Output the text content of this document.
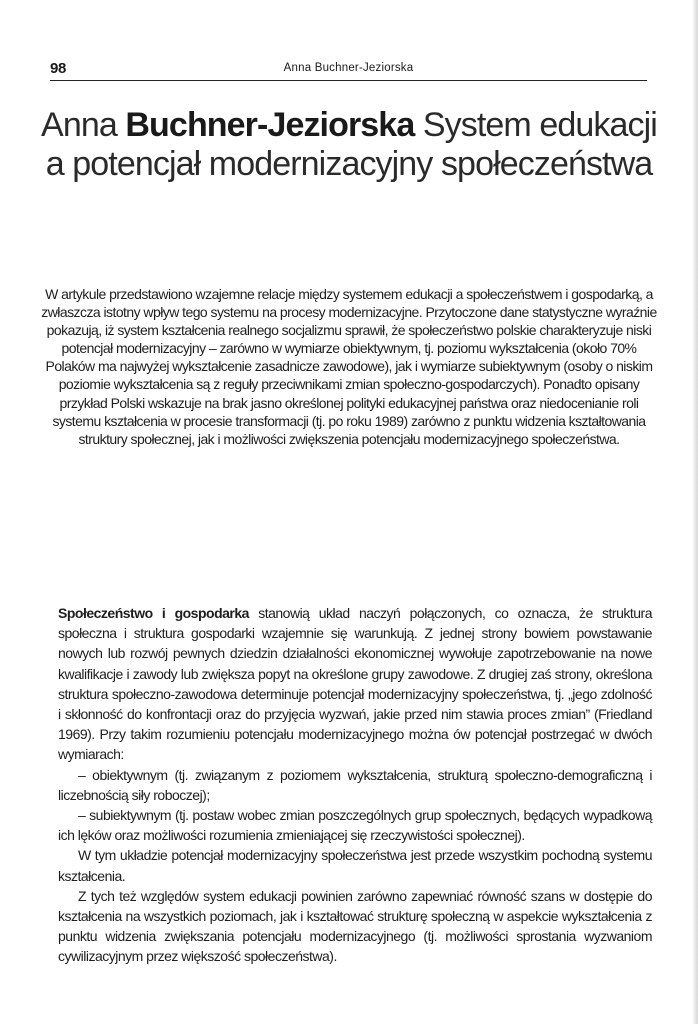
98	Anna Buchner-Jeziorska
Anna Buchner-Jeziorska System edukacji a potencjał modernizacyjny społeczeństwa

W artykule przedstawiono wzajemne relacje między systemem edukacji a społeczeństwem i gospodarką, a zwłaszcza istotny wpływ tego systemu na procesy modernizacyjne. Przytoczone dane statystyczne wyraźnie pokazują, iż system kształcenia realnego socjalizmu sprawił, że społeczeństwo polskie charakteryzuje niski potencjał modernizacyjny – zarówno w wymiarze obiektywnym, tj. poziomu wykształcenia (około 70% Polaków ma najwyżej wykształcenie zasadnicze zawodowe), jak i wymiarze subiektywnym (osoby o niskim poziomie wykształcenia są z reguły przeciwnikami zmian społeczno-gospodarczych). Ponadto opisany przykład Polski wskazuje na brak jasno określonej polityki edukacyjnej państwa oraz niedocenianie roli systemu kształcenia w procesie transformacji (tj. po roku 1989) zarówno z punktu widzenia kształtowania struktury społecznej, jak i możliwości zwiększenia potencjału modernizacyjnego społeczeństwa.

Społeczeństwo i gospodarka stanowią układ naczyń połączonych, co oznacza, że struktura społeczna i struktura gospodarki wzajemnie się warunkują. Z jednej strony bowiem powstawanie nowych lub rozwój pewnych dziedzin działalności ekonomicznej wywołuje zapotrzebowanie na nowe kwalifikacje i zawody lub zwiększa popyt na określone grupy zawodowe. Z drugiej zaś strony, określona struktura społeczno-zawodowa determinuje potencjał modernizacyjny społeczeństwa, tj. „jego zdolność i skłonność do konfrontacji oraz do przyjęcia wyzwań, jakie przed nim stawia proces zmian” (Friedland 1969). Przy takim rozumieniu potencjału modernizacyjnego można ów potencjał postrzegać w dwóch wymiarach:

– obiektywnym (tj. związanym z poziomem wykształcenia, strukturą społeczno-demograficzną i liczebnością siły roboczej);

– subiektywnym (tj. postaw wobec zmian poszczególnych grup społecznych, będących wypadkową ich lęków oraz możliwości rozumienia zmieniającej się rzeczywistości społecznej).

W tym układzie potencjał modernizacyjny społeczeństwa jest przede wszystkim pochodną systemu kształcenia.

Z tych też względów system edukacji powinien zarówno zapewniać równość szans w dostępie do kształcenia na wszystkich poziomach, jak i kształtować strukturę społeczną w aspekcie wykształcenia z punktu widzenia zwiększania potencjału modernizacyjnego (tj. możliwości sprostania wyzwaniom cywilizacyjnym przez większość społeczeństwa).
